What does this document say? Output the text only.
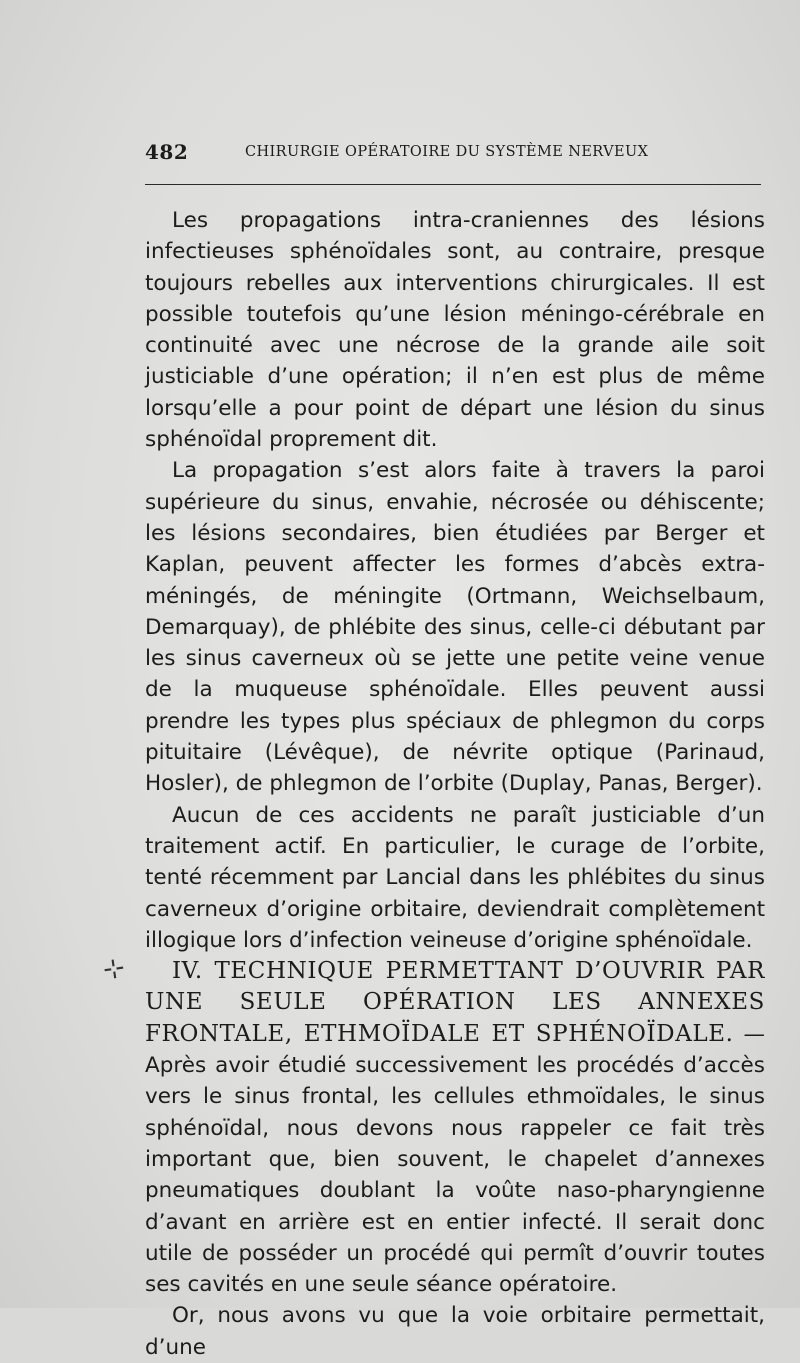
482	CHIRURGIE OPÉRATOIRE DU SYSTÈME NERVEUX
⊹

Les propagations intra-craniennes des lésions infectieuses sphénoïdales sont, au contraire, presque toujours rebelles aux interventions chirurgicales. Il est possible toutefois qu’une lésion méningo-cérébrale en continuité avec une nécrose de la grande aile soit justiciable d’une opération; il n’en est plus de même lorsqu’elle a pour point de départ une lésion du sinus sphénoïdal proprement dit.

La propagation s’est alors faite à travers la paroi supérieure du sinus, envahie, nécrosée ou déhiscente; les lésions secondaires, bien étudiées par Berger et Kaplan, peuvent affecter les formes d’abcès extra-méningés, de méningite (Ortmann, Weichselbaum, Demarquay), de phlébite des sinus, celle-ci débutant par les sinus caverneux où se jette une petite veine venue de la muqueuse sphénoïdale. Elles peuvent aussi prendre les types plus spéciaux de phlegmon du corps pituitaire (Lévêque), de névrite optique (Parinaud, Hosler), de phlegmon de l’orbite (Duplay, Panas, Berger).

Aucun de ces accidents ne paraît justiciable d’un traitement actif. En particulier, le curage de l’orbite, tenté récemment par Lancial dans les phlébites du sinus caverneux d’origine orbitaire, deviendrait complètement illogique lors d’infection veineuse d’origine sphénoïdale.

IV. TECHNIQUE PERMETTANT D’OUVRIR PAR UNE SEULE OPÉRATION LES ANNEXES FRONTALE, ETHMOÏDALE ET SPHÉNOÏDALE. — Après avoir étudié successivement les procédés d’accès vers le sinus frontal, les cellules ethmoïdales, le sinus sphénoïdal, nous devons nous rappeler ce fait très important que, bien souvent, le chapelet d’annexes pneumatiques doublant la voûte naso-pharyngienne d’avant en arrière est en entier infecté. Il serait donc utile de posséder un procédé qui permît d’ouvrir toutes ses cavités en une seule séance opératoire.

Or, nous avons vu que la voie orbitaire permettait, d’une
